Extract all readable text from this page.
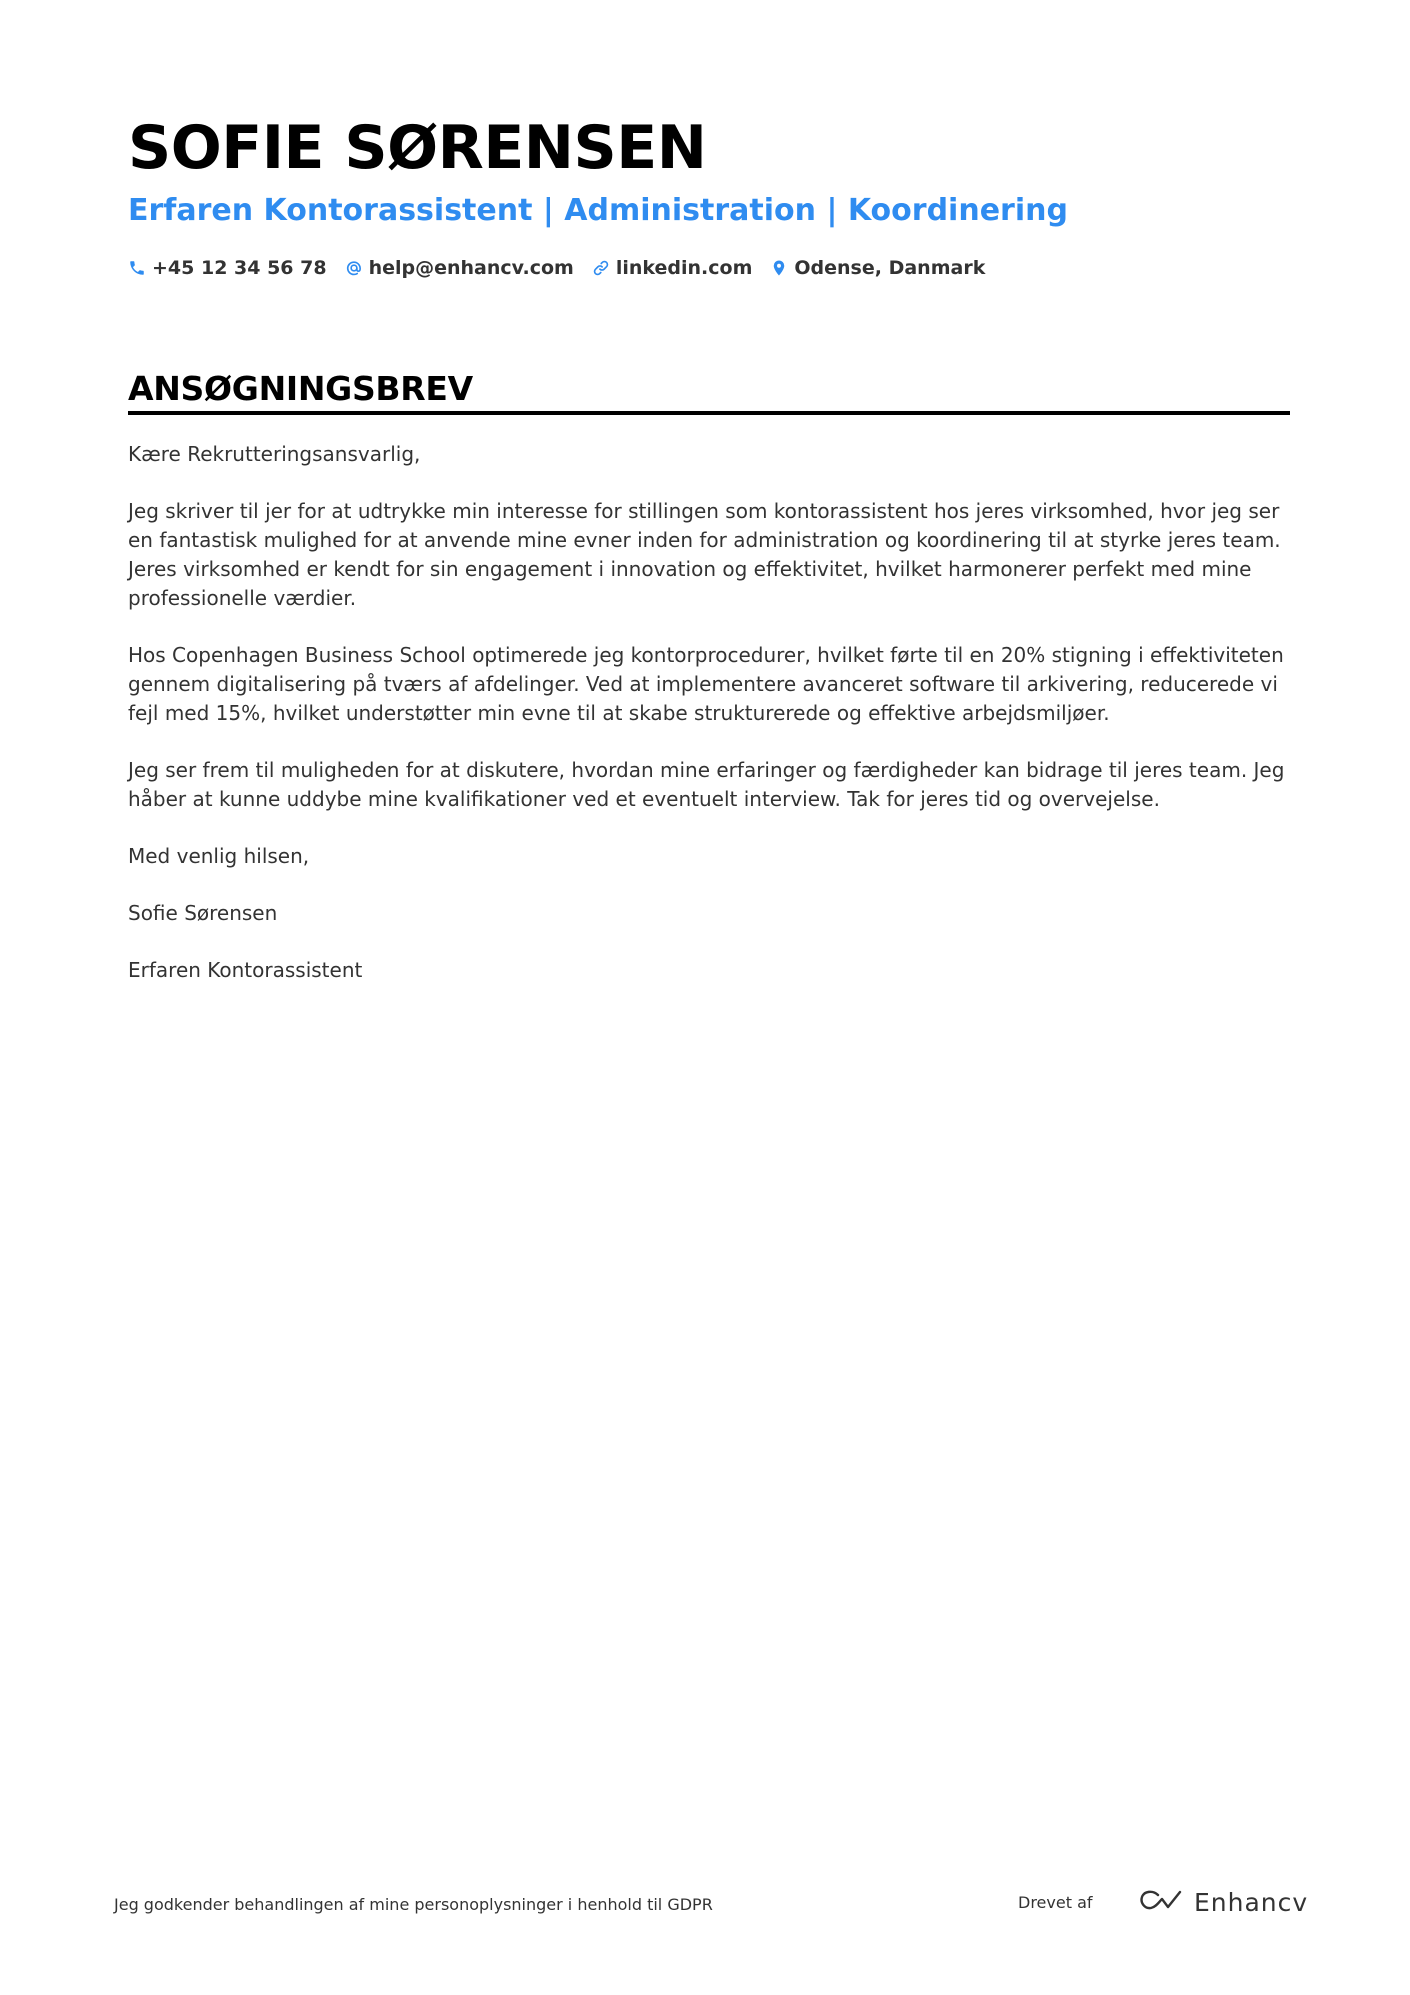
SOFIE SØRENSEN
Erfaren Kontorassistent | Administration | Koordinering
+45 12 34 56 78 help@enhancv.com linkedin.com Odense, Danmark
ANSØGNINGSBREV

Kære Rekrutteringsansvarlig,

Jeg skriver til jer for at udtrykke min interesse for stillingen som kontorassistent hos jeres virksomhed, hvor jeg ser en fantastisk mulighed for at anvende mine evner inden for administration og koordinering til at styrke jeres team. Jeres virksomhed er kendt for sin engagement i innovation og effektivitet, hvilket harmonerer perfekt med mine professionelle værdier.

Hos Copenhagen Business School optimerede jeg kontorprocedurer, hvilket førte til en 20% stigning i effektiviteten gennem digitalisering på tværs af afdelinger. Ved at implementere avanceret software til arkivering, reducerede vi fejl med 15%, hvilket understøtter min evne til at skabe strukturerede og effektive arbejdsmiljøer.

Jeg ser frem til muligheden for at diskutere, hvordan mine erfaringer og færdigheder kan bidrage til jeres team. Jeg håber at kunne uddybe mine kvalifikationer ved et eventuelt interview. Tak for jeres tid og overvejelse.

Med venlig hilsen,

Sofie Sørensen

Erfaren Kontorassistent

Jeg godkender behandlingen af mine personoplysninger i henhold til GDPR	Drevet af	Enhancv
